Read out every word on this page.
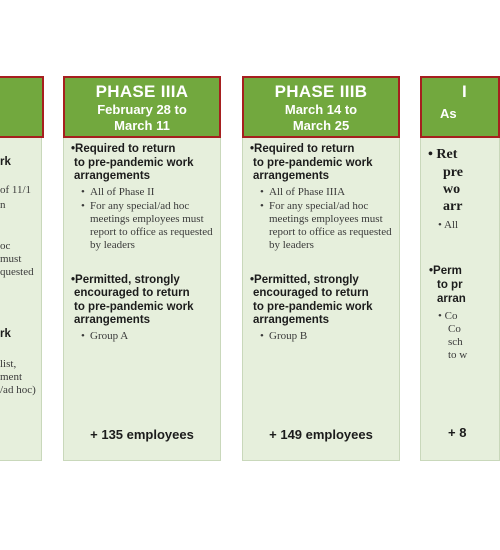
rk
of 11/1
n
oc
must
quested
rk
list,
ment
/ad hoc)
•Required to return
to pre-pandemic work
arrangements
• All of Phase II
• For any special/ad hoc meetings employees must report to office as requested by leaders
•Permitted, strongly
encouraged to return
to pre-pandemic work
arrangements
• Group A
+ 135 employees
PHASE IIIA
February 28 to
March 11
•Required to return
to pre-pandemic work
arrangements
• All of Phase IIIA
• For any special/ad hoc meetings employees must report to office as requested by leaders
•Permitted, strongly
encouraged to return
to pre-pandemic work
arrangements
• Group B
+ 149 employees
PHASE IIIB
March 14 to
March 25
I
As
• Ret
pre
wo
arr
• All
•Perm
to pr
arran
• Co
Co
sch
to w
+ 8
